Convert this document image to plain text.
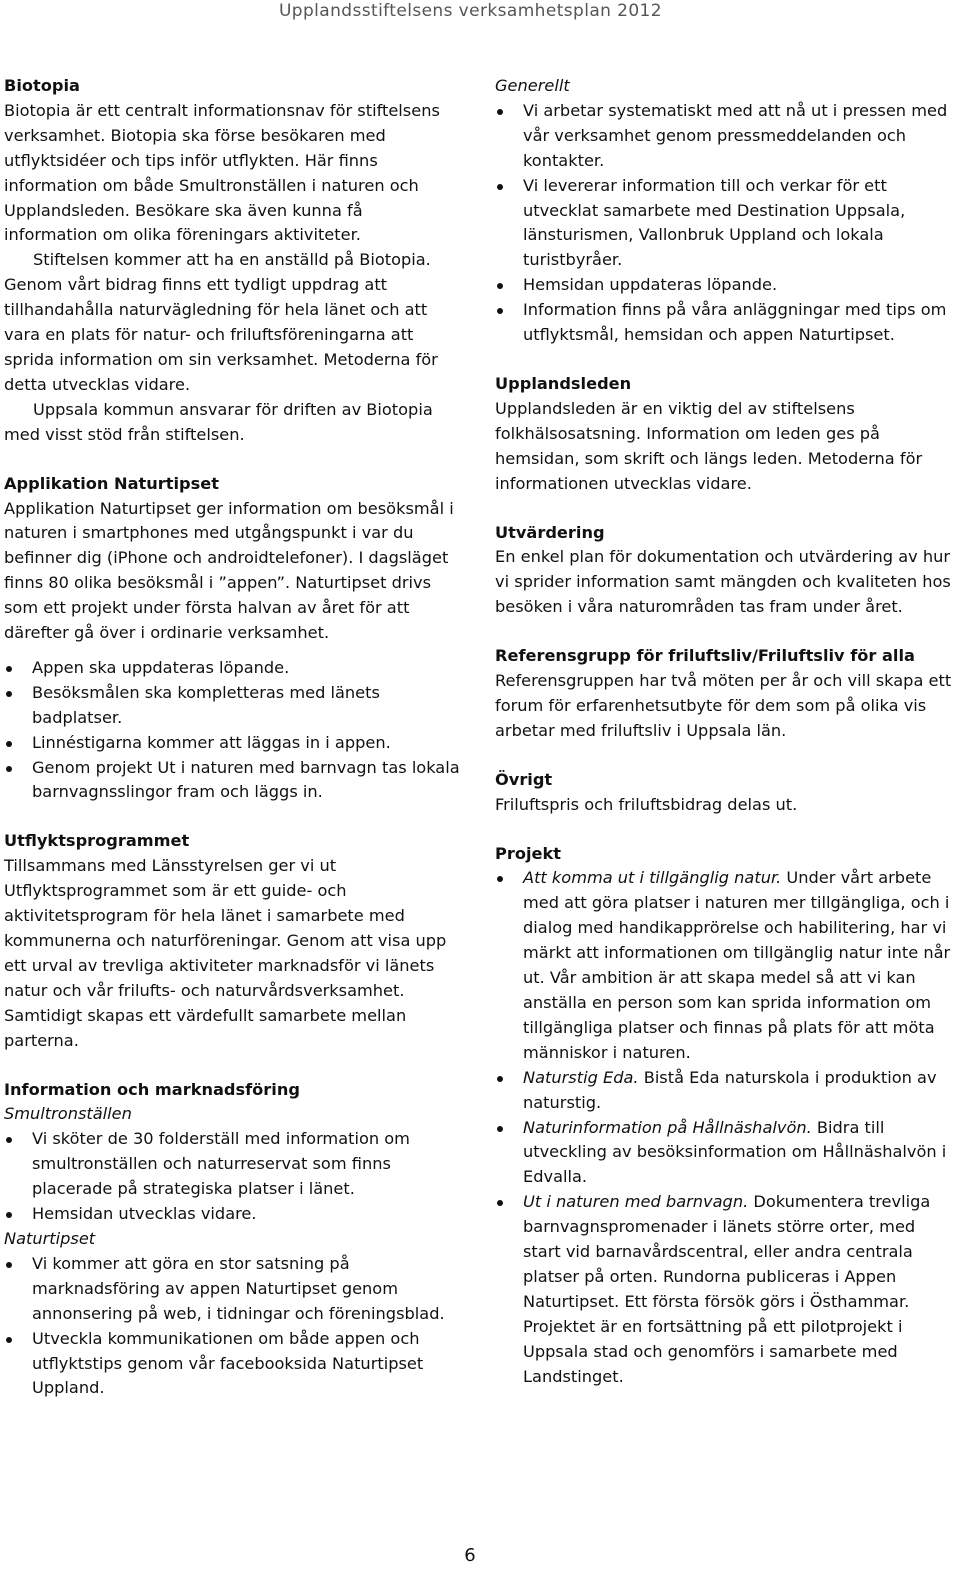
Upplandsstiftelsens verksamhetsplan 2012

Biotopia

Biotopia är ett centralt informationsnav för stiftelsens verksamhet. Biotopia ska förse besökaren med utflyktsidéer och tips inför utflykten. Här finns information om både Smultronställen i naturen och Upplandsleden. Besökare ska även kunna få information om olika föreningars aktiviteter.

Stiftelsen kommer att ha en anställd på Biotopia. Genom vårt bidrag finns ett tydligt uppdrag att tillhandahålla naturvägledning för hela länet och att vara en plats för natur- och friluftsföreningarna att sprida information om sin verksamhet. Metoderna för detta utvecklas vidare.

Uppsala kommun ansvarar för driften av Biotopia med visst stöd från stiftelsen.

Applikation Naturtipset

Applikation Naturtipset ger information om besöksmål i naturen i smartphones med utgångspunkt i var du befinner dig (iPhone och androidtelefoner). I dagsläget finns 80 olika besöksmål i ”appen”. Naturtipset drivs som ett projekt under första halvan av året för att därefter gå över i ordinarie verksamhet.

Appen ska uppdateras löpande.
Besöksmålen ska kompletteras med länets badplatser.
Linnéstigarna kommer att läggas in i appen.
Genom projekt Ut i naturen med barnvagn tas lokala barnvagnsslingor fram och läggs in.

Utflyktsprogrammet

Tillsammans med Länsstyrelsen ger vi ut Utflyktsprogrammet som är ett guide- och aktivitetsprogram för hela länet i samarbete med kommunerna och naturföreningar. Genom att visa upp ett urval av trevliga aktiviteter marknadsför vi länets natur och vår frilufts- och naturvårdsverksamhet. Samtidigt skapas ett värdefullt samarbete mellan parterna.

Information och marknadsföring

Smultronställen

Vi sköter de 30 folderställ med information om smultronställen och naturreservat som finns placerade på strategiska platser i länet.
Hemsidan utvecklas vidare.

Naturtipset

Vi kommer att göra en stor satsning på marknadsföring av appen Naturtipset genom annonsering på web, i tidningar och föreningsblad.
Utveckla kommunikationen om både appen och utflyktstips genom vår facebooksida Naturtipset Uppland.

Generellt

Vi arbetar systematiskt med att nå ut i pressen med vår verksamhet genom pressmeddelanden och kontakter.
Vi levererar information till och verkar för ett utvecklat samarbete med Destination Uppsala, länsturismen, Vallonbruk Uppland och lokala turistbyråer.
Hemsidan uppdateras löpande.
Information finns på våra anläggningar med tips om utflyktsmål, hemsidan och appen Naturtipset.

Upplandsleden

Upplandsleden är en viktig del av stiftelsens folkhälsosatsning. Information om leden ges på hemsidan, som skrift och längs leden. Metoderna för informationen utvecklas vidare.

Utvärdering

En enkel plan för dokumentation och utvärdering av hur vi sprider information samt mängden och kvaliteten hos besöken i våra naturområden tas fram under året.

Referensgrupp för friluftsliv/Friluftsliv för alla

Referensgruppen har två möten per år och vill skapa ett forum för erfarenhetsutbyte för dem som på olika vis arbetar med friluftsliv i Uppsala län.

Övrigt

Friluftspris och friluftsbidrag delas ut.

Projekt

Att komma ut i tillgänglig natur. Under vårt arbete med att göra platser i naturen mer tillgängliga, och i dialog med handikapprörelse och habilitering, har vi märkt att informationen om tillgänglig natur inte når ut. Vår ambition är att skapa medel så att vi kan anställa en person som kan sprida information om tillgängliga platser och finnas på plats för att möta människor i naturen.
Naturstig Eda. Bistå Eda naturskola i produktion av naturstig.
Naturinformation på Hållnäshalvön. Bidra till utveckling av besöksinformation om Hållnäshalvön i Edvalla.
Ut i naturen med barnvagn. Dokumentera trevliga barnvagnspromenader i länets större orter, med start vid barnavårdscentral, eller andra centrala platser på orten. Rundorna publiceras i Appen Naturtipset. Ett första försök görs i Östhammar. Projektet är en fortsättning på ett pilotprojekt i Uppsala stad och genomförs i samarbete med Landstinget.
6
